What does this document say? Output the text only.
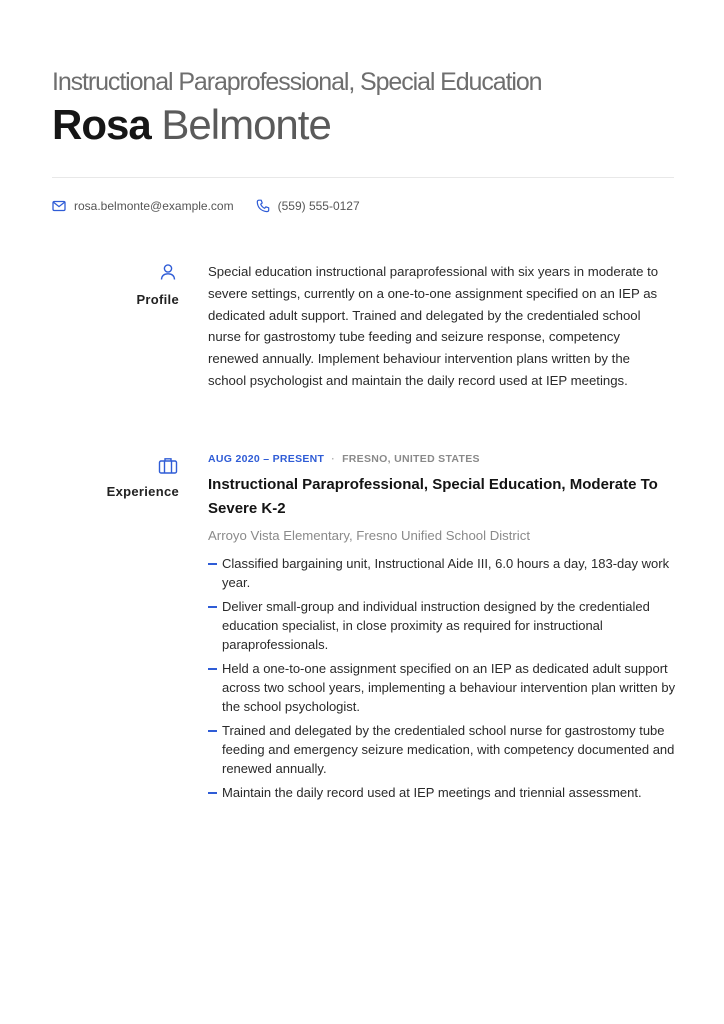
Instructional Paraprofessional, Special Education
Rosa Belmonte
rosa.belmonte@example.com	(559) 555-0127
Profile

Special education instructional paraprofessional with six years in moderate to severe settings, currently on a one-to-one assignment specified on an IEP as dedicated adult support. Trained and delegated by the credentialed school nurse for gastrostomy tube feeding and seizure response, competency renewed annually. Implement behaviour intervention plans written by the school psychologist and maintain the daily record used at IEP meetings.

Experience
AUG 2020 – PRESENT · FRESNO, UNITED STATES
Instructional Paraprofessional, Special Education, Moderate To Severe K-2
Arroyo Vista Elementary, Fresno Unified School District
Classified bargaining unit, Instructional Aide III, 6.0 hours a day, 183-day work year.
Deliver small-group and individual instruction designed by the credentialed education specialist, in close proximity as required for instructional paraprofessionals.
Held a one-to-one assignment specified on an IEP as dedicated adult support across two school years, implementing a behaviour intervention plan written by the school psychologist.
Trained and delegated by the credentialed school nurse for gastrostomy tube feeding and emergency seizure medication, with competency documented and renewed annually.
Maintain the daily record used at IEP meetings and triennial assessment.
